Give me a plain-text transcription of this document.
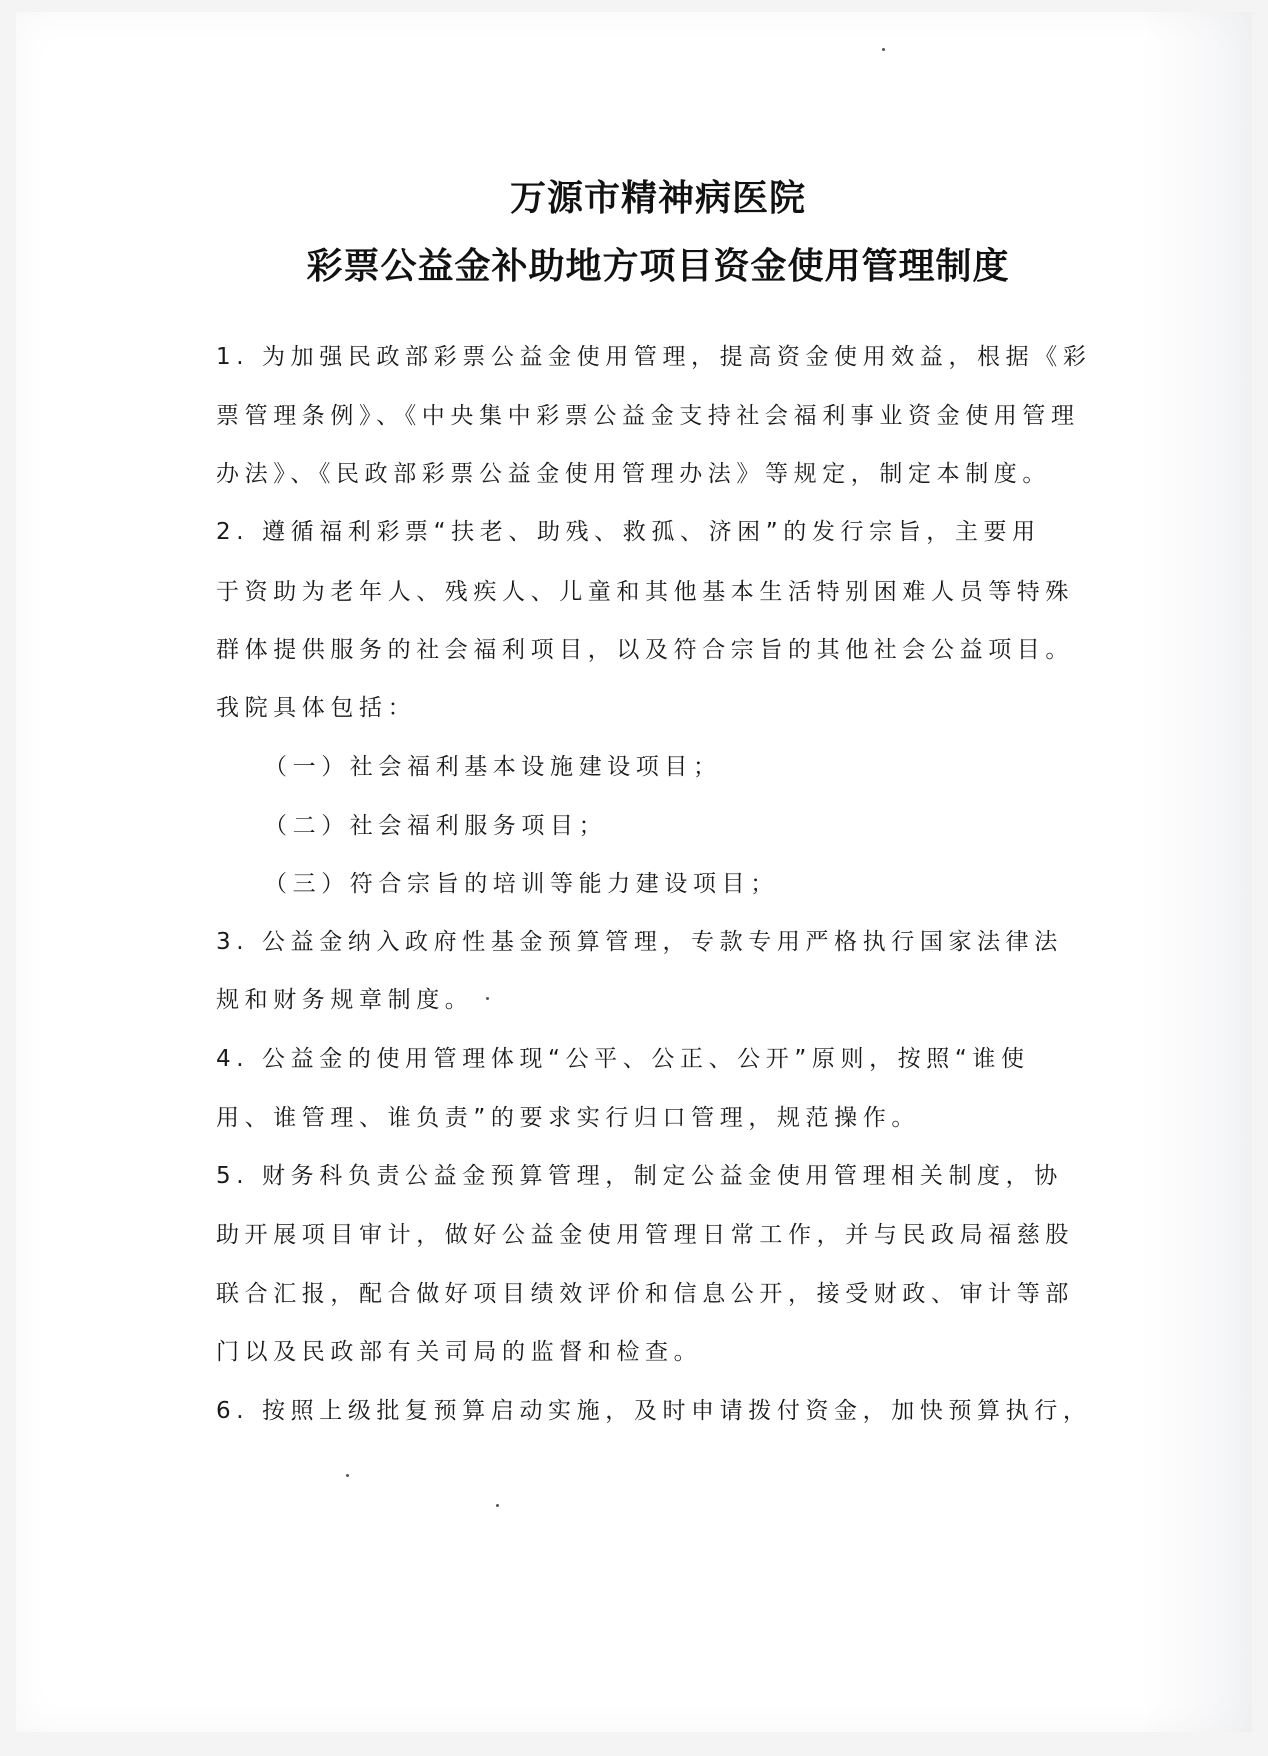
万源市精神病医院
彩票公益金补助地方项目资金使用管理制度
1. 为加强民政部彩票公益金使用管理，提高资金使用效益，根据《彩
票管理条例》、《中央集中彩票公益金支持社会福利事业资金使用管理
办法》、《民政部彩票公益金使用管理办法》等规定，制定本制度。
2. 遵循福利彩票“扶老、助残、救孤、济困”的发行宗旨，主要用
于资助为老年人、残疾人、儿童和其他基本生活特别困难人员等特殊
群体提供服务的社会福利项目，以及符合宗旨的其他社会公益项目。
我院具体包括：
（一）社会福利基本设施建设项目；
（二）社会福利服务项目；
（三）符合宗旨的培训等能力建设项目；
3. 公益金纳入政府性基金预算管理，专款专用严格执行国家法律法
规和财务规章制度。
4. 公益金的使用管理体现“公平、公正、公开”原则，按照“谁使
用、谁管理、谁负责”的要求实行归口管理，规范操作。
5. 财务科负责公益金预算管理，制定公益金使用管理相关制度，协
助开展项目审计，做好公益金使用管理日常工作，并与民政局福慈股
联合汇报，配合做好项目绩效评价和信息公开，接受财政、审计等部
门以及民政部有关司局的监督和检查。
6. 按照上级批复预算启动实施，及时申请拨付资金，加快预算执行，
